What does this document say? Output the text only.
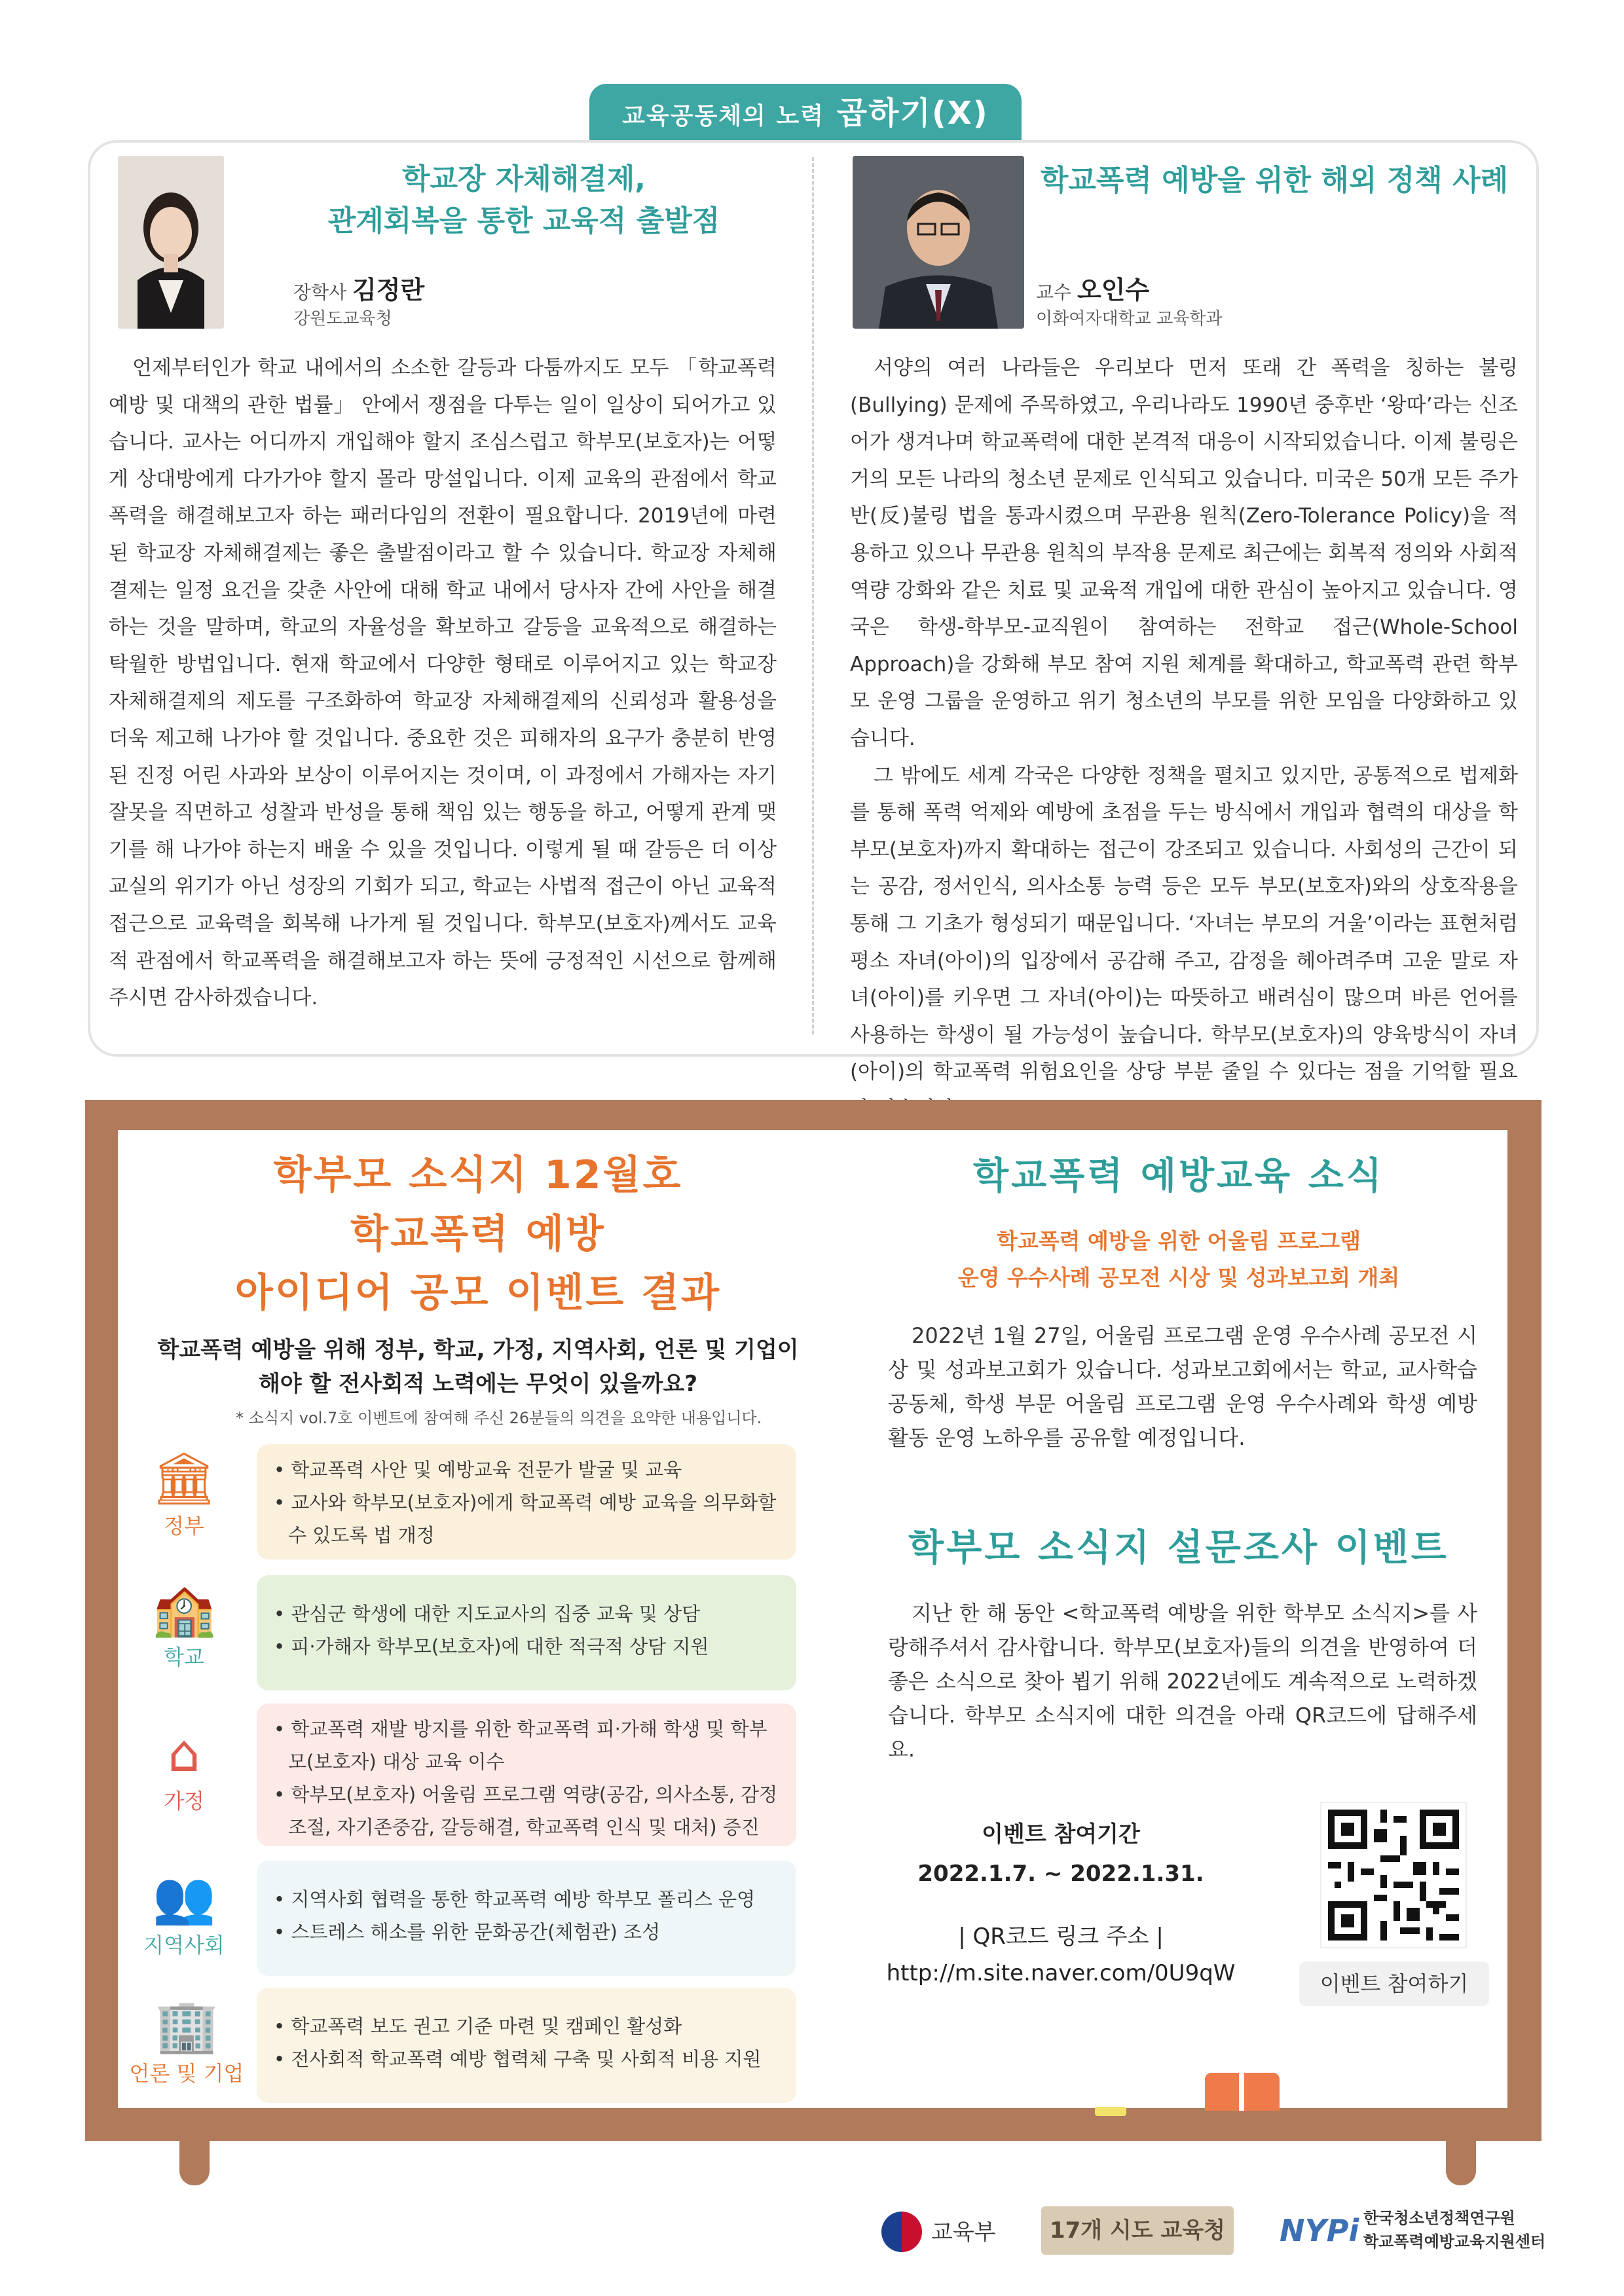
교육공동체의 노력 곱하기(X)
학교장 자체해결제,
관계회복을 통한 교육적 출발점
장학사 김정란
강원도교육청

언제부터인가 학교 내에서의 소소한 갈등과 다툼까지도 모두 「학교폭력 예방 및 대책의 관한 법률」 안에서 쟁점을 다투는 일이 일상이 되어가고 있습니다. 교사는 어디까지 개입해야 할지 조심스럽고 학부모(보호자)는 어떻게 상대방에게 다가가야 할지 몰라 망설입니다. 이제 교육의 관점에서 학교폭력을 해결해보고자 하는 패러다임의 전환이 필요합니다. 2019년에 마련된 학교장 자체해결제는 좋은 출발점이라고 할 수 있습니다. 학교장 자체해결제는 일정 요건을 갖춘 사안에 대해 학교 내에서 당사자 간에 사안을 해결하는 것을 말하며, 학교의 자율성을 확보하고 갈등을 교육적으로 해결하는 탁월한 방법입니다. 현재 학교에서 다양한 형태로 이루어지고 있는 학교장 자체해결제의 제도를 구조화하여 학교장 자체해결제의 신뢰성과 활용성을 더욱 제고해 나가야 할 것입니다. 중요한 것은 피해자의 요구가 충분히 반영된 진정 어린 사과와 보상이 이루어지는 것이며, 이 과정에서 가해자는 자기 잘못을 직면하고 성찰과 반성을 통해 책임 있는 행동을 하고, 어떻게 관계 맺기를 해 나가야 하는지 배울 수 있을 것입니다. 이렇게 될 때 갈등은 더 이상 교실의 위기가 아닌 성장의 기회가 되고, 학교는 사법적 접근이 아닌 교육적 접근으로 교육력을 회복해 나가게 될 것입니다. 학부모(보호자)께서도 교육적 관점에서 학교폭력을 해결해보고자 하는 뜻에 긍정적인 시선으로 함께해 주시면 감사하겠습니다.

학교폭력 예방을 위한 해외 정책 사례
교수 오인수
이화여자대학교 교육학과

서양의 여러 나라들은 우리보다 먼저 또래 간 폭력을 칭하는 불링(Bullying) 문제에 주목하였고, 우리나라도 1990년 중후반 ‘왕따’라는 신조어가 생겨나며 학교폭력에 대한 본격적 대응이 시작되었습니다. 이제 불링은 거의 모든 나라의 청소년 문제로 인식되고 있습니다. 미국은 50개 모든 주가 반(反)불링 법을 통과시켰으며 무관용 원칙(Zero-Tolerance Policy)을 적용하고 있으나 무관용 원칙의 부작용 문제로 최근에는 회복적 정의와 사회적 역량 강화와 같은 치료 및 교육적 개입에 대한 관심이 높아지고 있습니다. 영국은 학생-학부모-교직원이 참여하는 전학교 접근(Whole-School Approach)을 강화해 부모 참여 지원 체계를 확대하고, 학교폭력 관련 학부모 운영 그룹을 운영하고 위기 청소년의 부모를 위한 모임을 다양화하고 있습니다.

그 밖에도 세계 각국은 다양한 정책을 펼치고 있지만, 공통적으로 법제화를 통해 폭력 억제와 예방에 초점을 두는 방식에서 개입과 협력의 대상을 학부모(보호자)까지 확대하는 접근이 강조되고 있습니다. 사회성의 근간이 되는 공감, 정서인식, 의사소통 능력 등은 모두 부모(보호자)와의 상호작용을 통해 그 기초가 형성되기 때문입니다. ‘자녀는 부모의 거울’이라는 표현처럼 평소 자녀(아이)의 입장에서 공감해 주고, 감정을 헤아려주며 고운 말로 자녀(아이)를 키우면 그 자녀(아이)는 따뜻하고 배려심이 많으며 바른 언어를 사용하는 학생이 될 가능성이 높습니다. 학부모(보호자)의 양육방식이 자녀(아이)의 학교폭력 위험요인을 상당 부분 줄일 수 있다는 점을 기억할 필요

학부모 소식지 12월호
학교폭력 예방
아이디어 공모 이벤트 결과
학교폭력 예방을 위해 정부, 학교, 가정, 지역사회, 언론 및 기업이
해야 할 전사회적 노력에는 무엇이 있을까요?
* 소식지 vol.7호 이벤트에 참여해 주신 26분들의 의견을 요약한 내용입니다.
🏛
정부
• 학교폭력 사안 및 예방교육 전문가 발굴 및 교육
• 교사와 학부모(보호자)에게 학교폭력 예방 교육을 의무화할 수 있도록 법 개정
🏫
학교
• 관심군 학생에 대한 지도교사의 집중 교육 및 상담
• 피·가해자 학부모(보호자)에 대한 적극적 상담 지원
⌂
가정
• 학교폭력 재발 방지를 위한 학교폭력 피·가해 학생 및 학부모(보호자) 대상 교육 이수
• 학부모(보호자) 어울림 프로그램 역량(공감, 의사소통, 감정조절, 자기존중감, 갈등해결, 학교폭력 인식 및 대처) 증진
👥
지역사회
• 지역사회 협력을 통한 학교폭력 예방 학부모 폴리스 운영
• 스트레스 해소를 위한 문화공간(체험관) 조성
🏢
언론 및 기업
• 학교폭력 보도 권고 기준 마련 및 캠페인 활성화
• 전사회적 학교폭력 예방 협력체 구축 및 사회적 비용 지원
학교폭력 예방교육 소식
학교폭력 예방을 위한 어울림 프로그램
운영 우수사례 공모전 시상 및 성과보고회 개최
2022년 1월 27일, 어울림 프로그램 운영 우수사례 공모전 시상 및 성과보고회가 있습니다. 성과보고회에서는 학교, 교사학습공동체, 학생 부문 어울림 프로그램 운영 우수사례와 학생 예방 활동 운영 노하우를 공유할 예정입니다.
학부모 소식지 설문조사 이벤트
지난 한 해 동안 <학교폭력 예방을 위한 학부모 소식지>를 사랑해주셔서 감사합니다. 학부모(보호자)들의 의견을 반영하여 더 좋은 소식으로 찾아 뵙기 위해 2022년에도 계속적으로 노력하겠습니다. 학부모 소식지에 대한 의견을 아래 QR코드에 답해주세요.
이벤트 참여기간
2022.1.7. ~ 2022.1.31.
| QR코드 링크 주소 |
http://m.site.naver.com/0U9qW	이벤트 참여하기
교육부	17개 시도 교육청 NYPi 한국청소년정책연구원
학교폭력예방교육지원센터
